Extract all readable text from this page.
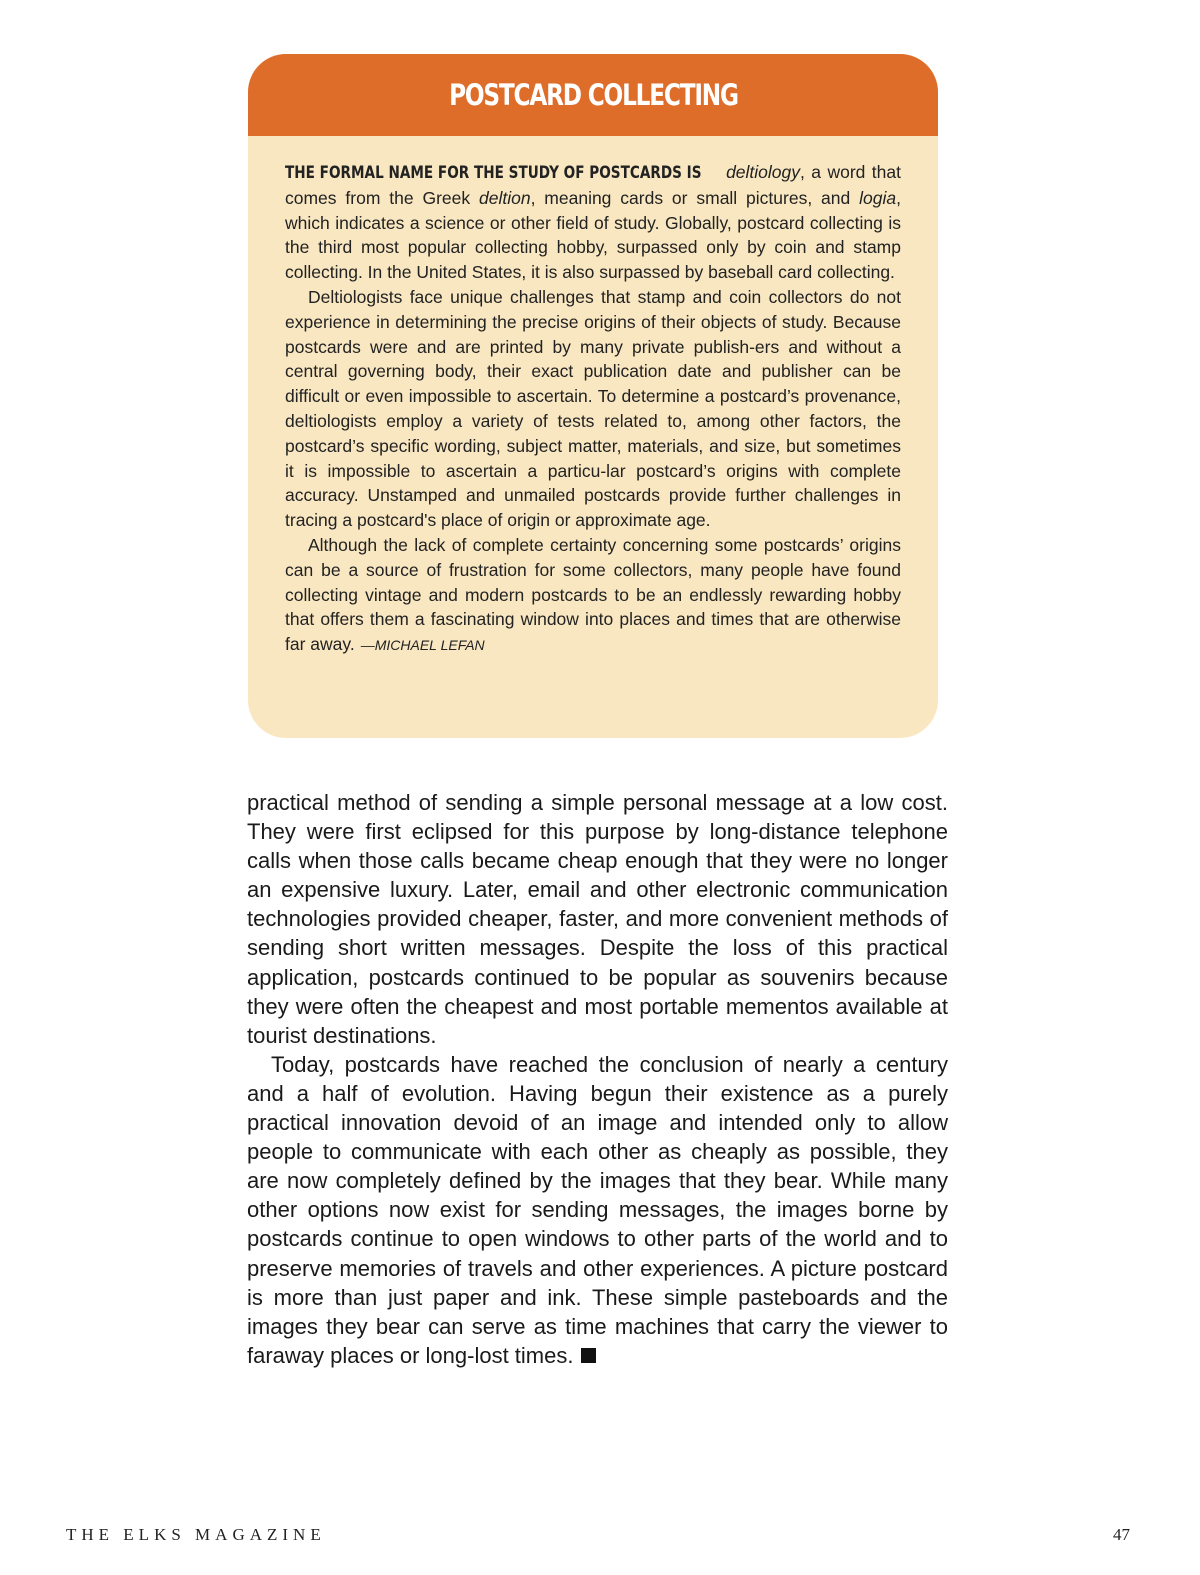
POSTCARD COLLECTING

THE FORMAL NAME FOR THE STUDY OF POSTCARDS IS deltiology, a word that comes from the Greek deltion, meaning cards or small pictures, and logia, which indicates a science or other field of study. Globally, postcard collecting is the third most popular collecting hobby, surpassed only by coin and stamp collecting. In the United States, it is also surpassed by baseball card collecting.

Deltiologists face unique challenges that stamp and coin collectors do not experience in determining the precise origins of their objects of study. Because postcards were and are printed by many private publish-ers and without a central governing body, their exact publication date and publisher can be difficult or even impossible to ascertain. To determine a postcard’s provenance, deltiologists employ a variety of tests related to, among other factors, the postcard’s specific wording, subject matter, materials, and size, but sometimes it is impossible to ascertain a particu-lar postcard’s origins with complete accuracy. Unstamped and unmailed postcards provide further challenges in tracing a postcard's place of origin or approximate age.

Although the lack of complete certainty concerning some postcards’ origins can be a source of frustration for some collectors, many people have found collecting vintage and modern postcards to be an endlessly rewarding hobby that offers them a fascinating window into places and times that are otherwise far away. —MICHAEL LEFAN

practical method of sending a simple personal message at a low cost. They were first eclipsed for this purpose by long-distance telephone calls when those calls became cheap enough that they were no longer an expensive luxury. Later, email and other electronic communication technologies provided cheaper, faster, and more convenient methods of sending short written messages. Despite the loss of this practical application, postcards continued to be popular as souvenirs because they were often the cheapest and most portable mementos available at tourist destinations.

Today, postcards have reached the conclusion of nearly a century and a half of evolution. Having begun their existence as a purely practical innovation devoid of an image and intended only to allow people to communicate with each other as cheaply as possible, they are now completely defined by the images that they bear. While many other options now exist for sending messages, the images borne by postcards continue to open windows to other parts of the world and to preserve memories of travels and other experiences. A picture postcard is more than just paper and ink. These simple pasteboards and the images they bear can serve as time machines that carry the viewer to faraway places or long-lost times.

THE ELKS MAGAZINE	47
